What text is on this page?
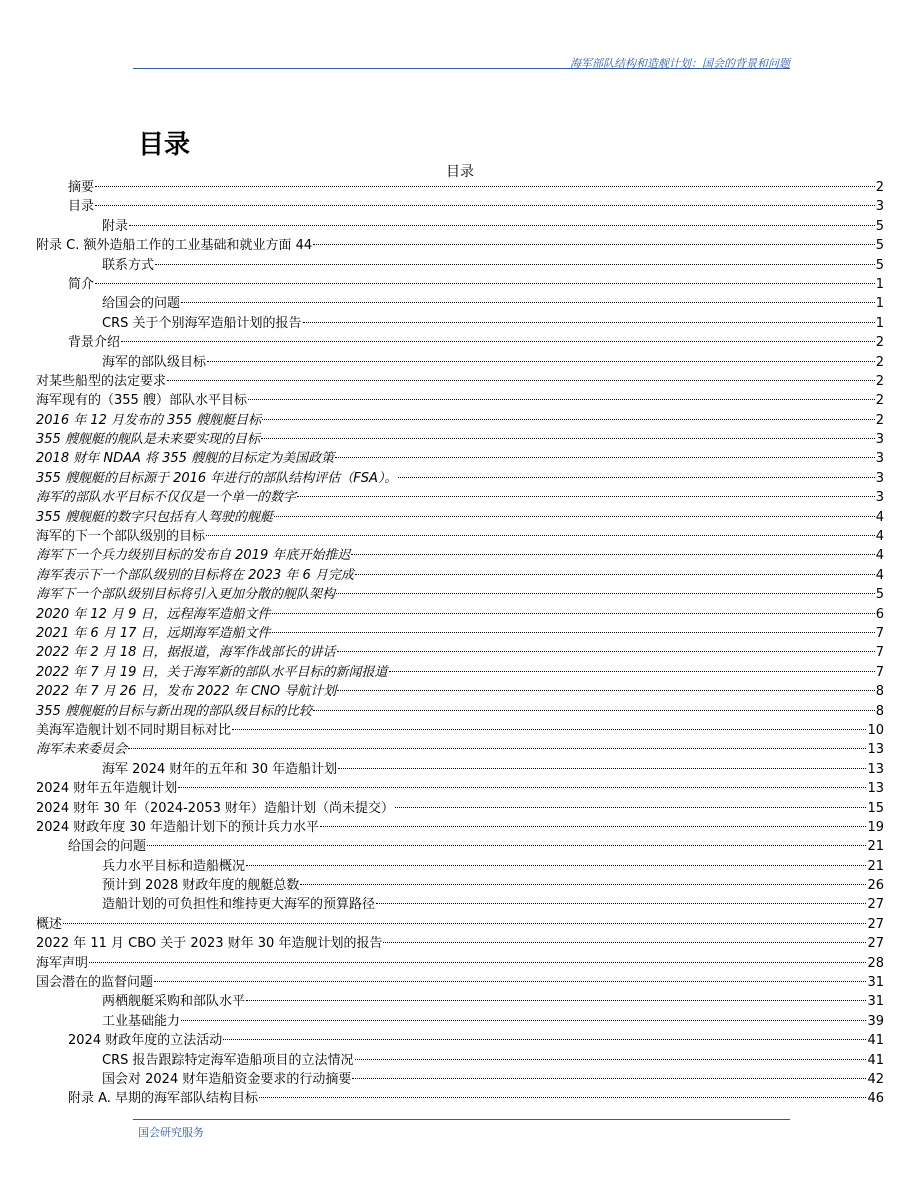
海军部队结构和造舰计划：国会的背景和问题
目录
目录
摘要	2
目录	3
附录	5
附录 C. 额外造船工作的工业基础和就业方面 44	5
联系方式	5
简介	1
给国会的问题	1
CRS 关于个别海军造船计划的报告	1
背景介绍	2
海军的部队级目标	2
对某些船型的法定要求	2
海军现有的（355 艘）部队水平目标	2
2016 年 12 月发布的 355 艘舰艇目标	2
355 艘舰艇的舰队是未来要实现的目标	3
2018 财年 NDAA 将 355 艘舰的目标定为美国政策	3
355 艘舰艇的目标源于 2016 年进行的部队结构评估（FSA）。	3
海军的部队水平目标不仅仅是一个单一的数字	3
355 艘舰艇的数字只包括有人驾驶的舰艇	4
海军的下一个部队级别的目标	4
海军下一个兵力级别目标的发布自 2019 年底开始推迟	4
海军表示下一个部队级别的目标将在 2023 年 6 月完成	4
海军下一个部队级别目标将引入更加分散的舰队架构	5
2020 年 12 月 9 日，远程海军造船文件	6
2021 年 6 月 17 日，远期海军造船文件	7
2022 年 2 月 18 日，据报道，海军作战部长的讲话	7
2022 年 7 月 19 日，关于海军新的部队水平目标的新闻报道	7
2022 年 7 月 26 日，发布 2022 年 CNO 导航计划	8
355 艘舰艇的目标与新出现的部队级目标的比较	8
美海军造舰计划不同时期目标对比	10
海军未来委员会	13
海军 2024 财年的五年和 30 年造船计划	13
2024 财年五年造舰计划	13
2024 财年 30 年（2024-2053 财年）造船计划（尚未提交）	15
2024 财政年度 30 年造船计划下的预计兵力水平	19
给国会的问题	21
兵力水平目标和造船概况	21
预计到 2028 财政年度的舰艇总数	26
造船计划的可负担性和维持更大海军的预算路径	27
概述	27
2022 年 11 月 CBO 关于 2023 财年 30 年造舰计划的报告	27
海军声明	28
国会潜在的监督问题	31
两栖舰艇采购和部队水平	31
工业基础能力	39
2024 财政年度的立法活动	41
CRS 报告跟踪特定海军造船项目的立法情况	41
国会对 2024 财年造船资金要求的行动摘要	42
附录 A. 早期的海军部队结构目标	46
国会研究服务
